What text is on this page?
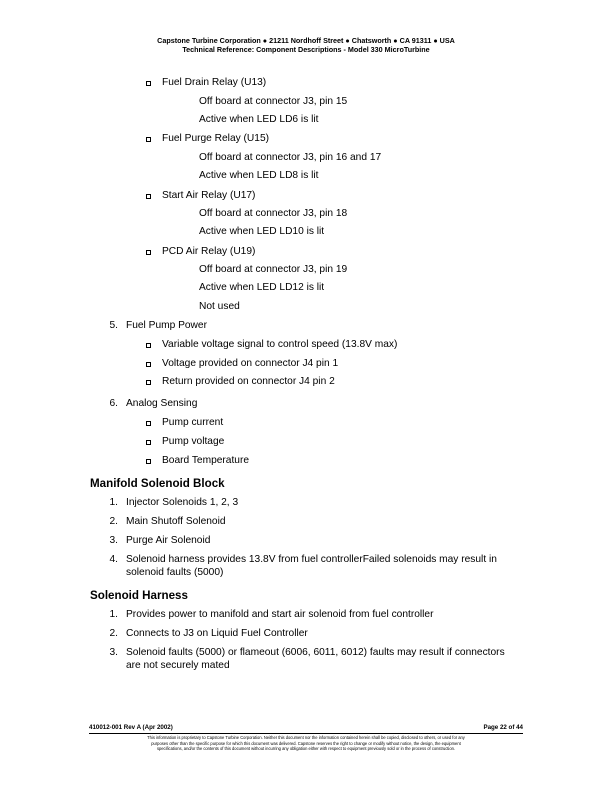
Capstone Turbine Corporation ● 21211 Nordhoff Street ● Chatsworth ● CA 91311 ● USA
Technical Reference: Component Descriptions - Model 330 MicroTurbine
Fuel Drain Relay (U13)
Off board at connector J3, pin 15
Active when LED LD6 is lit
Fuel Purge Relay (U15)
Off board at connector J3, pin 16 and 17
Active when LED LD8 is lit
Start Air Relay (U17)
Off board at connector J3, pin 18
Active when LED LD10 is lit
PCD Air Relay (U19)
Off board at connector J3, pin 19
Active when LED LD12 is lit
Not used
5. Fuel Pump Power
Variable voltage signal to control speed (13.8V max)
Voltage provided on connector J4 pin 1
Return provided on connector J4 pin 2
6. Analog Sensing
Pump current
Pump voltage
Board Temperature
Manifold Solenoid Block
1. Injector Solenoids 1, 2, 3
2. Main Shutoff Solenoid
3. Purge Air Solenoid
4. Solenoid harness provides 13.8V from fuel controllerFailed solenoids may result in
solenoid faults (5000)
Solenoid Harness
1. Provides power to manifold and start air solenoid from fuel controller
2. Connects to J3 on Liquid Fuel Controller
3. Solenoid faults (5000) or flameout (6006, 6011, 6012) faults may result if connectors
are not securely mated
410012-001 Rev A (Apr 2002)	Page 22 of 44
This information is proprietary to Capstone Turbine Corporation. Neither this document nor the information contained herein shall be copied, disclosed to others, or used for any
purposes other than the specific purpose for which this document was delivered. Capstone reserves the right to change or modify without notice, the design, the equipment
specifications, and/or the contents of this document without incurring any obligation either with respect to equipment previously sold or in the process of construction.
